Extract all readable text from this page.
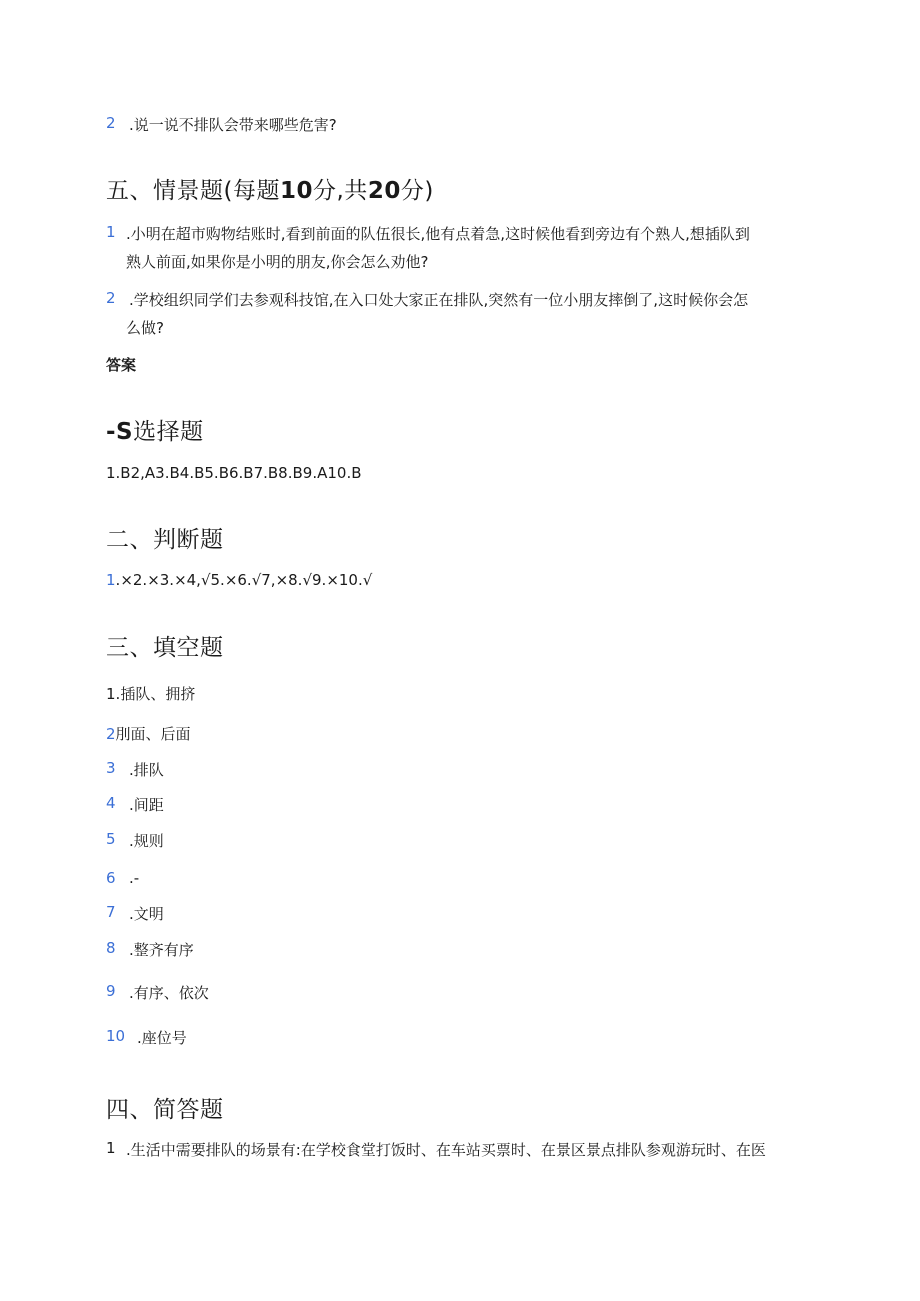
2 .说一说不排队会带来哪些危害?
五、情景题(每题10分,共20分)
1 .小明在超市购物结账时,看到前面的队伍很长,他有点着急,这时候他看到旁边有个熟人,想插队到
熟人前面,如果你是小明的朋友,你会怎么劝他?
2 .学校组织同学们去参观科技馆,在入口处大家正在排队,突然有一位小朋友摔倒了,这时候你会怎
么做?
答案
-S选择题
1.B2,A3.B4.B5.B6.B7.B8.B9.A10.B
二、判断题
1.×2.×3.×4,√5.×6.√7,×8.√9.×10.√
三、填空题
1.插队、拥挤
2刖面、后面
3 .排队
4 .间距
5 .规则
6 .-
7 .文明
8 .整齐有序
9 .有序、依次
10 .座位号
四、简答题
1 .生活中需要排队的场景有:在学校食堂打饭时、在车站买票时、在景区景点排队参观游玩时、在医
